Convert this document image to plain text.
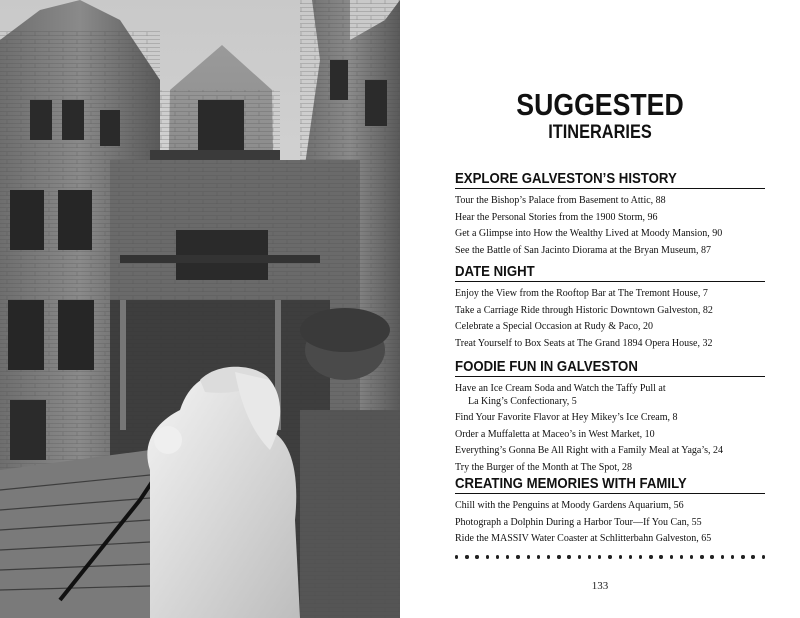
SUGGESTED
ITINERARIES
EXPLORE GALVESTON’S HISTORY
Tour the Bishop’s Palace from Basement to Attic, 88
Hear the Personal Stories from the 1900 Storm, 96
Get a Glimpse into How the Wealthy Lived at Moody Mansion, 90
See the Battle of San Jacinto Diorama at the Bryan Museum, 87
DATE NIGHT
Enjoy the View from the Rooftop Bar at The Tremont House, 7
Take a Carriage Ride through Historic Downtown Galveston, 82
Celebrate a Special Occasion at Rudy & Paco, 20
Treat Yourself to Box Seats at The Grand 1894 Opera House, 32
FOODIE FUN IN GALVESTON
Have an Ice Cream Soda and Watch the Taffy Pull at
La King’s Confectionary, 5
Find Your Favorite Flavor at Hey Mikey’s Ice Cream, 8
Order a Muffaletta at Maceo’s in West Market, 10
Everything’s Gonna Be All Right with a Family Meal at Yaga’s, 24
Try the Burger of the Month at The Spot, 28
CREATING MEMORIES WITH FAMILY
Chill with the Penguins at Moody Gardens Aquarium, 56
Photograph a Dolphin During a Harbor Tour—If You Can, 55
Ride the MASSIV Water Coaster at Schlitterbahn Galveston, 65
133
